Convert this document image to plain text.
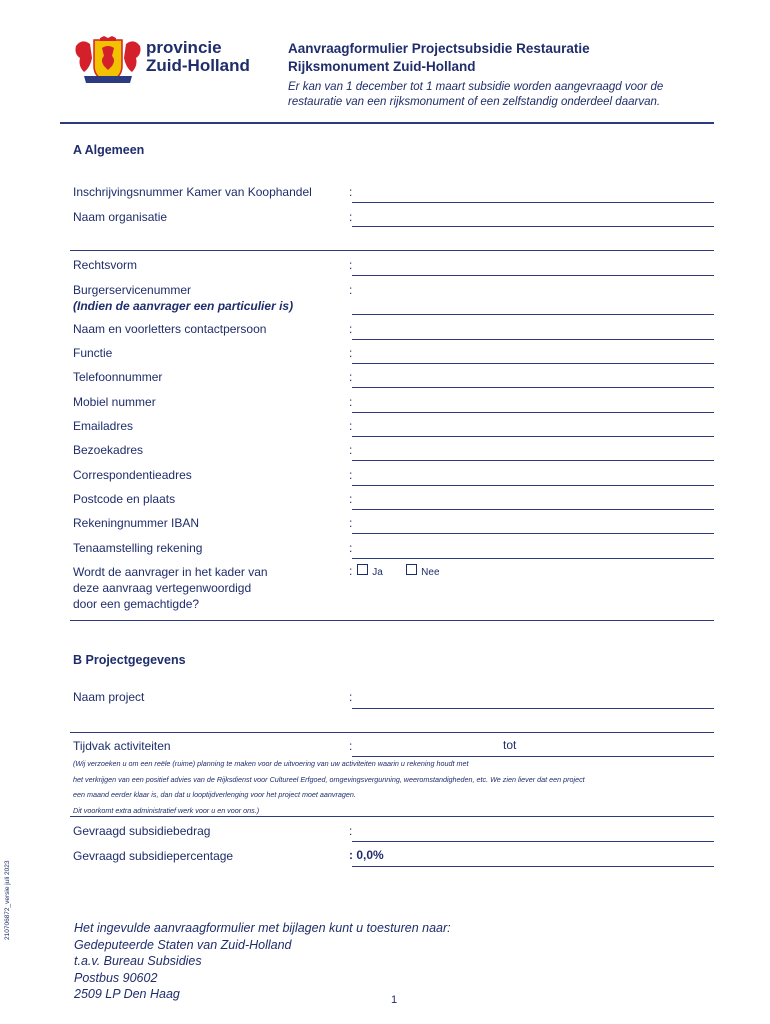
provincie
Zuid-Holland
Aanvraagformulier Projectsubsidie Restauratie
Rijksmonument Zuid-Holland
Er kan van 1 december tot 1 maart subsidie worden aangevraagd voor de
restauratie van een rijksmonument of een zelfstandig onderdeel daarvan.
A Algemeen
Inschrijvingsnummer Kamer van Koophandel	:
Naam organisatie	:
Rechtsvorm	:
Burgerservicenummer
(Indien de aanvrager een particulier is)
:
Naam en voorletters contactpersoon	:
Functie	:
Telefoonnummer	:
Mobiel nummer	:
Emailadres	:
Bezoekadres	:
Correspondentieadres	:
Postcode en plaats	:
Rekeningnummer IBAN	:
Tenaamstelling rekening	:
Wordt de aanvrager in het kader van
deze aanvraag vertegenwoordigd
door een gemachtigde?
: Ja	Nee
B Projectgegevens
Naam project	:
Tijdvak activiteiten	:	tot
(Wij verzoeken u om een reële (ruime) planning te maken voor de uitvoering van uw activiteiten waarin u rekening houdt met
het verkrijgen van een positief advies van de Rijksdienst voor Cultureel Erfgoed, omgevingsvergunning, weeromstandigheden, etc. We zien liever dat een project
een maand eerder klaar is, dan dat u looptijdverlenging voor het project moet aanvragen.
Dit voorkomt extra administratief werk voor u en voor ons.)
Gevraagd subsidiebedrag	:
Gevraagd subsidiepercentage	: 0,0%
210706872_versie juli 2023	Het ingevulde aanvraagformulier met bijlagen kunt u toesturen naar:
Gedeputeerde Staten van Zuid-Holland
t.a.v. Bureau Subsidies
Postbus 90602
2509 LP Den Haag	1
